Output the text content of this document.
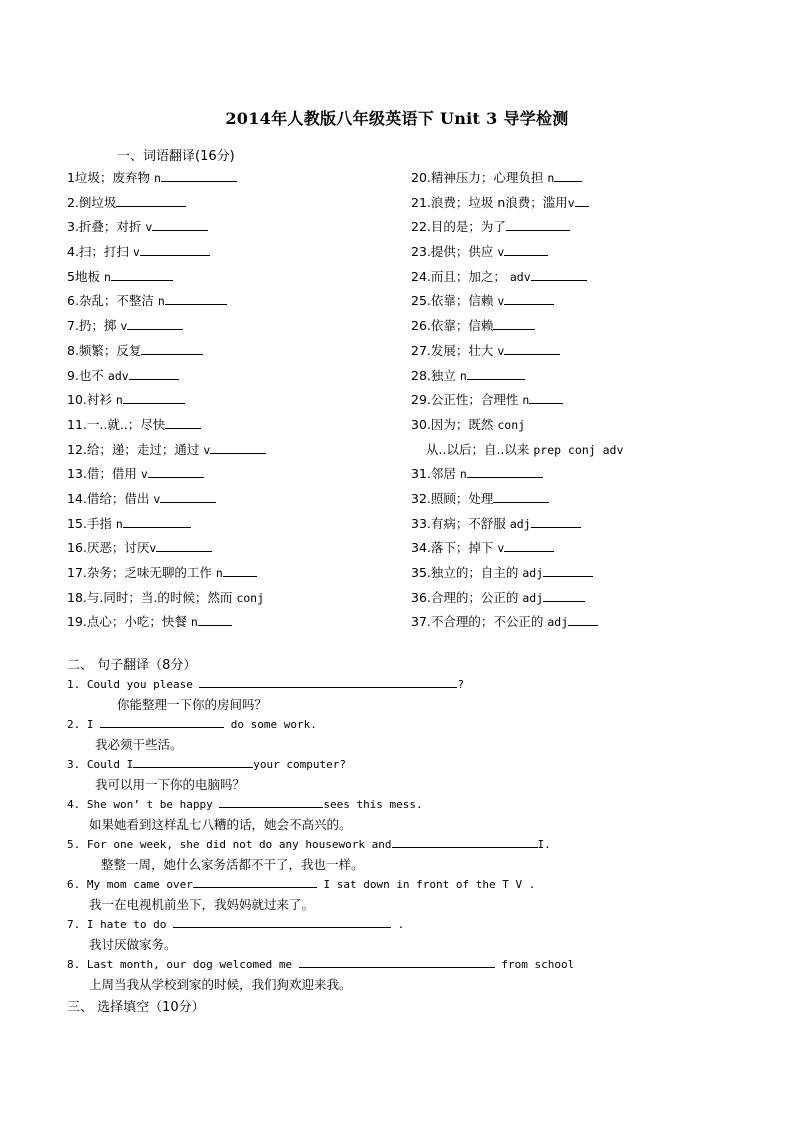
2014年人教版八年级英语下 Unit 3 导学检测
一、词语翻译(16分)
1垃圾；废弃物 n
2.倒垃圾
3.折叠；对折 v
4.扫；打扫 v
5地板 n
6.杂乱；不整洁 n
7.扔；掷 v
8.频繁；反复
9.也不 adv
10.衬衫 n
11.一..就..；尽快
12.给；递；走过；通过 v
13.借；借用 v
14.借给；借出 v
15.手指 n
16.厌恶；讨厌v
17.杂务；乏味无聊的工作 n
18.与.同时；当.的时候；然而 conj
19.点心；小吃；快餐 n
20.精神压力；心理负担 n
21.浪费；垃圾 n浪费；滥用v
22.目的是；为了
23.提供；供应 v
24.而且；加之； adv
25.依靠；信赖 v
26.依靠；信赖
27.发展；壮大 v
28.独立 n
29.公正性；合理性 n
30.因为；既然 conj
31.邻居 n
32.照顾；处理
33.有病；不舒服 adj
34.落下；掉下 v
35.独立的；自主的 adj
36.合理的；公正的 adj
37.不合理的；不公正的 adj
从..以后；自..以来 prep conj adv
二、 句子翻译（8分）
1. Could you please	?
你能整理一下你的房间吗？
2. I	do some work.
我必须干些活。
3. Could I	your computer?
我可以用一下你的电脑吗？
4. She won’ t be happy	sees this mess.
如果她看到这样乱七八糟的话，她会不高兴的。
5. For one week, she did not do any housework and	I.
整整一周，她什么家务活都不干了，我也一样。
6. My mom came over	I sat down in front of the T V .
我一在电视机前坐下，我妈妈就过来了。
7. I hate to do	.
我讨厌做家务。
8. Last month, our dog welcomed me	from school
上周当我从学校到家的时候，我们狗欢迎来我。
三、 选择填空（10分）
